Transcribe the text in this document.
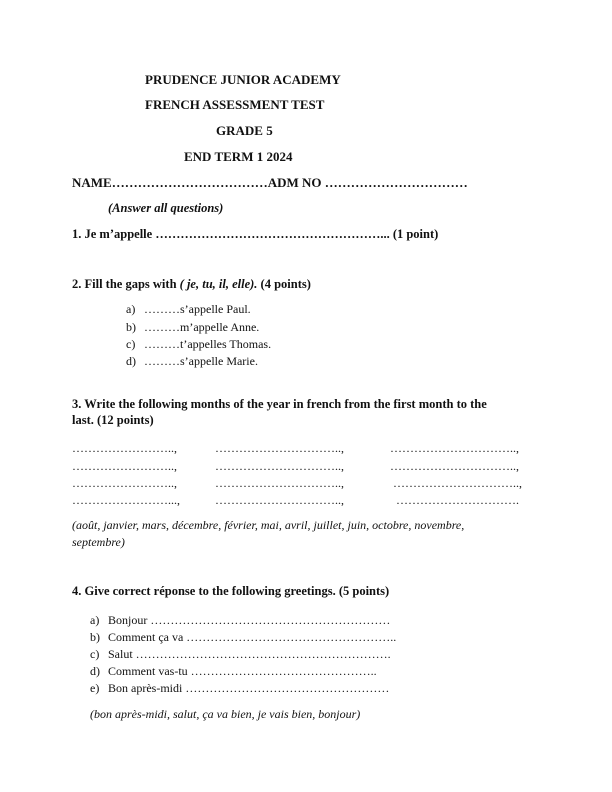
PRUDENCE JUNIOR ACADEMY
FRENCH ASSESSMENT TEST
GRADE 5
END TERM 1 2024
NAME………………………………ADM NO ……………………………
(Answer all questions)
1. Je m’appelle ………………………………………………... (1 point)
2. Fill the gaps with ( je, tu, il, elle). (4 points)
a) ………s’appelle Paul.
b) ………m’appelle Anne.
c) ………t’appelles Thomas.
d) ………s’appelle Marie.
3. Write the following months of the year in french from the first month to the
last. (12 points)
……………………..,	…………………………..,	…………………………..,
……………………..,	…………………………..,	…………………………..,
……………………..,	…………………………..,	…………………………..,
……………………...,	…………………………..,	………………………….
(août, janvier, mars, décembre, février, mai, avril, juillet, juin, octobre, novembre,
septembre)
4. Give correct réponse to the following greetings. (5 points)
a) Bonjour ……………………………………………………
b) Comment ça va ……………………………………………..
c) Salut ……………………………………………………….
d) Comment vas-tu ………………………………………..
e) Bon après-midi ……………………………………………
(bon après-midi, salut, ça va bien, je vais bien, bonjour)
